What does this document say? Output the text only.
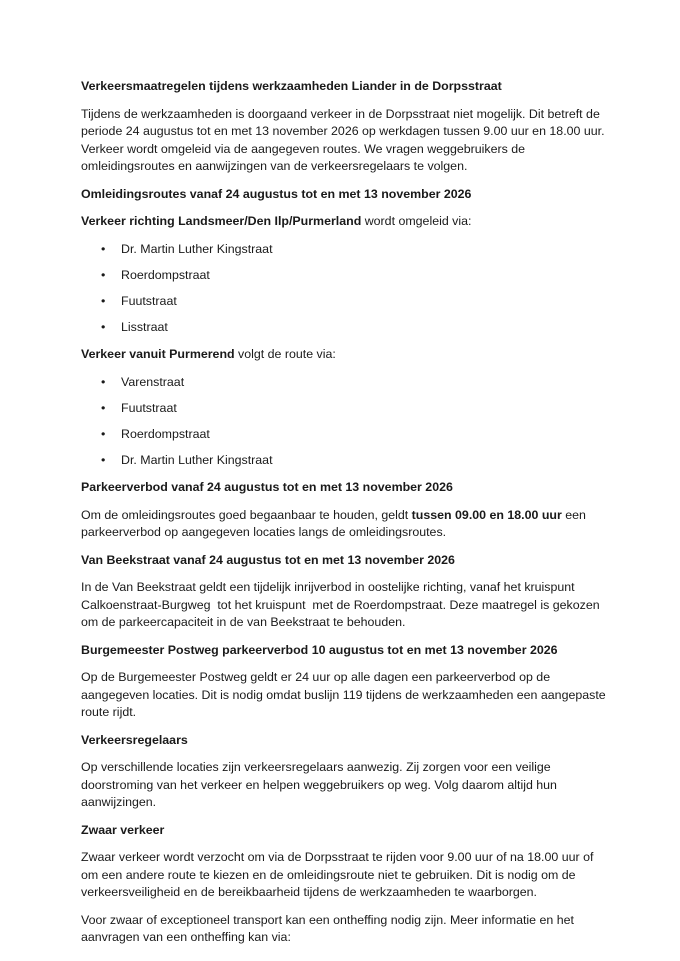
Verkeersmaatregelen tijdens werkzaamheden Liander in de Dorpsstraat

Tijdens de werkzaamheden is doorgaand verkeer in de Dorpsstraat niet mogelijk. Dit betreft de periode 24 augustus tot en met 13 november 2026 op werkdagen tussen 9.00 uur en 18.00 uur. Verkeer wordt omgeleid via de aangegeven routes. We vragen weggebruikers de omleidingsroutes en aanwijzingen van de verkeersregelaars te volgen.

Omleidingsroutes vanaf 24 augustus tot en met 13 november 2026

Verkeer richting Landsmeer/Den Ilp/Purmerland wordt omgeleid via:

• Dr. Martin Luther Kingstraat
• Roerdompstraat
• Fuutstraat
• Lisstraat

Verkeer vanuit Purmerend volgt de route via:

• Varenstraat
• Fuutstraat
• Roerdompstraat
• Dr. Martin Luther Kingstraat
Parkeerverbod vanaf 24 augustus tot en met 13 november 2026

Om de omleidingsroutes goed begaanbaar te houden, geldt tussen 09.00 en 18.00 uur een parkeerverbod op aangegeven locaties langs de omleidingsroutes.

Van Beekstraat vanaf 24 augustus tot en met 13 november 2026

In de Van Beekstraat geldt een tijdelijk inrijverbod in oostelijke richting, vanaf het kruispunt Calkoenstraat-Burgweg  tot het kruispunt  met de Roerdompstraat. Deze maatregel is gekozen om de parkeercapaciteit in de van Beekstraat te behouden.

Burgemeester Postweg parkeerverbod 10 augustus tot en met 13 november 2026

Op de Burgemeester Postweg geldt er 24 uur op alle dagen een parkeerverbod op de aangegeven locaties. Dit is nodig omdat buslijn 119 tijdens de werkzaamheden een aangepaste route rijdt.

Verkeersregelaars

Op verschillende locaties zijn verkeersregelaars aanwezig. Zij zorgen voor een veilige doorstroming van het verkeer en helpen weggebruikers op weg. Volg daarom altijd hun aanwijzingen.

Zwaar verkeer

Zwaar verkeer wordt verzocht om via de Dorpsstraat te rijden voor 9.00 uur of na 18.00 uur of om een andere route te kiezen en de omleidingsroute niet te gebruiken. Dit is nodig om de verkeersveiligheid en de bereikbaarheid tijdens de werkzaamheden te waarborgen.

Voor zwaar of exceptioneel transport kan een ontheffing nodig zijn. Meer informatie en het aanvragen van een ontheffing kan via:
